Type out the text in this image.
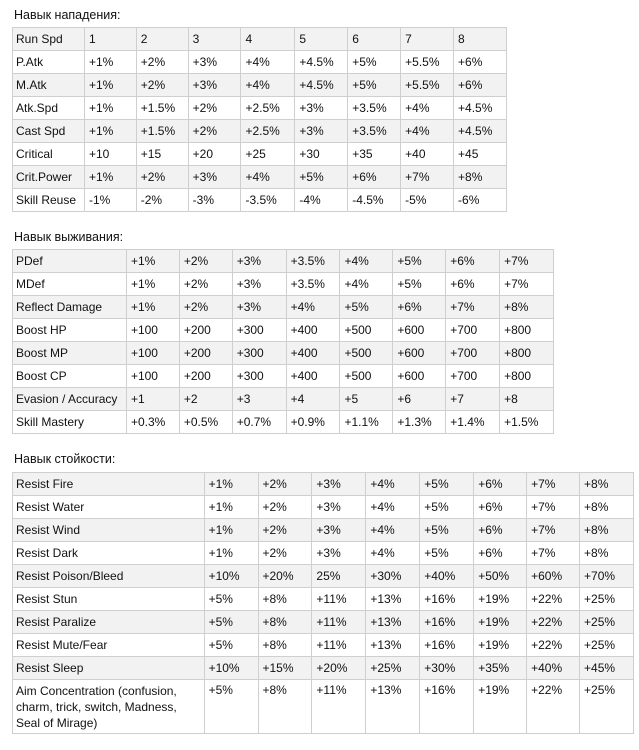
Навык нападения:
Run Spd	1	2	3	4	5	6	7	8
P.Atk	+1%	+2%	+3%	+4%	+4.5%	+5%	+5.5%	+6%
M.Atk	+1%	+2%	+3%	+4%	+4.5%	+5%	+5.5%	+6%
Atk.Spd	+1%	+1.5%	+2%	+2.5%	+3%	+3.5%	+4%	+4.5%
Cast Spd	+1%	+1.5%	+2%	+2.5%	+3%	+3.5%	+4%	+4.5%
Critical	+10	+15	+20	+25	+30	+35	+40	+45
Crit.Power	+1%	+2%	+3%	+4%	+5%	+6%	+7%	+8%
Skill Reuse	-1%	-2%	-3%	-3.5%	-4%	-4.5%	-5%	-6%
Навык выживания:
PDef	+1%	+2%	+3%	+3.5%	+4%	+5%	+6%	+7%
MDef	+1%	+2%	+3%	+3.5%	+4%	+5%	+6%	+7%
Reflect Damage	+1%	+2%	+3%	+4%	+5%	+6%	+7%	+8%
Boost HP	+100	+200	+300	+400	+500	+600	+700	+800
Boost MP	+100	+200	+300	+400	+500	+600	+700	+800
Boost CP	+100	+200	+300	+400	+500	+600	+700	+800
Evasion / Accuracy	+1	+2	+3	+4	+5	+6	+7	+8
Skill Mastery	+0.3%	+0.5%	+0.7%	+0.9%	+1.1%	+1.3%	+1.4%	+1.5%
Навык стойкости:
Resist Fire	+1%	+2%	+3%	+4%	+5%	+6%	+7%	+8%
Resist Water	+1%	+2%	+3%	+4%	+5%	+6%	+7%	+8%
Resist Wind	+1%	+2%	+3%	+4%	+5%	+6%	+7%	+8%
Resist Dark	+1%	+2%	+3%	+4%	+5%	+6%	+7%	+8%
Resist Poison/Bleed	+10%	+20%	25%	+30%	+40%	+50%	+60%	+70%
Resist Stun	+5%	+8%	+11%	+13%	+16%	+19%	+22%	+25%
Resist Paralize	+5%	+8%	+11%	+13%	+16%	+19%	+22%	+25%
Resist Mute/Fear	+5%	+8%	+11%	+13%	+16%	+19%	+22%	+25%
Resist Sleep	+10%	+15%	+20%	+25%	+30%	+35%	+40%	+45%
Aim Concentration (confusion, charm, trick, switch, Madness, Seal of Mirage)	+5%	+8%	+11%	+13%	+16%	+19%	+22%	+25%
